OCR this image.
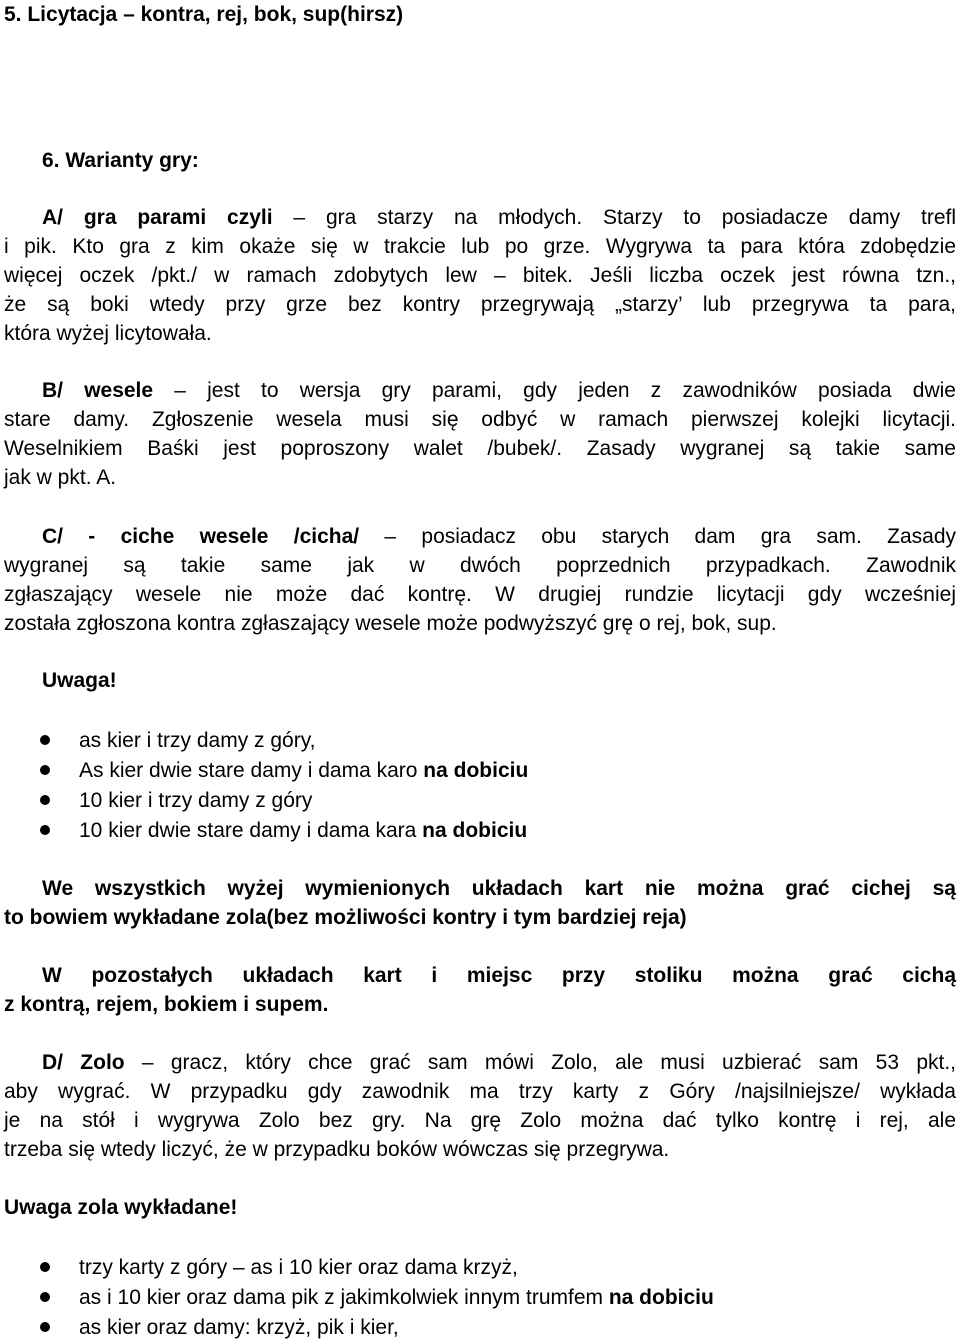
5. Licytacja – kontra, rej, bok, sup(hirsz)
6. Warianty gry:
A/ gra parami czyli – gra starzy na młodych. Starzy to posiadacze damy trefl
i pik. Kto gra z kim okaże się w trakcie lub po grze. Wygrywa ta para która zdobędzie
więcej oczek /pkt./ w ramach zdobytych lew – bitek. Jeśli liczba oczek jest równa tzn.,
że są boki wtedy przy grze bez kontry przegrywają „starzy’ lub przegrywa ta para,
która wyżej licytowała.
B/ wesele – jest to wersja gry parami, gdy jeden z zawodników posiada dwie
stare damy. Zgłoszenie wesela musi się odbyć w ramach pierwszej kolejki licytacji.
Weselnikiem Baśki jest poproszony walet /bubek/. Zasady wygranej są takie same
jak w pkt. A.
C/ - ciche wesele /cicha/ – posiadacz obu starych dam gra sam. Zasady
wygranej są takie same jak w dwóch poprzednich przypadkach. Zawodnik
zgłaszający wesele nie może dać kontrę. W drugiej rundzie licytacji gdy wcześniej
została zgłoszona kontra zgłaszający wesele może podwyższyć grę o rej, bok, sup.
Uwaga!
as kier i trzy damy z góry,
As kier dwie stare damy i dama karo na dobiciu
10 kier i trzy damy z góry
10 kier dwie stare damy i dama kara na dobiciu
We wszystkich wyżej wymienionych układach kart nie można grać cichej są
to bowiem wykładane zola(bez możliwości kontry i tym bardziej reja)
W pozostałych układach kart i miejsc przy stoliku można grać cichą
z kontrą, rejem, bokiem i supem.
D/ Zolo – gracz, który chce grać sam mówi Zolo, ale musi uzbierać sam 53 pkt.,
aby wygrać. W przypadku gdy zawodnik ma trzy karty z Góry /najsilniejsze/ wykłada
je na stół i wygrywa Zolo bez gry. Na grę Zolo można dać tylko kontrę i rej, ale
trzeba się wtedy liczyć, że w przypadku boków wówczas się przegrywa.
Uwaga zola wykładane!
trzy karty z góry – as i 10 kier oraz dama krzyż,
as i 10 kier oraz dama pik z jakimkolwiek innym trumfem na dobiciu
as kier oraz damy: krzyż, pik i kier,
